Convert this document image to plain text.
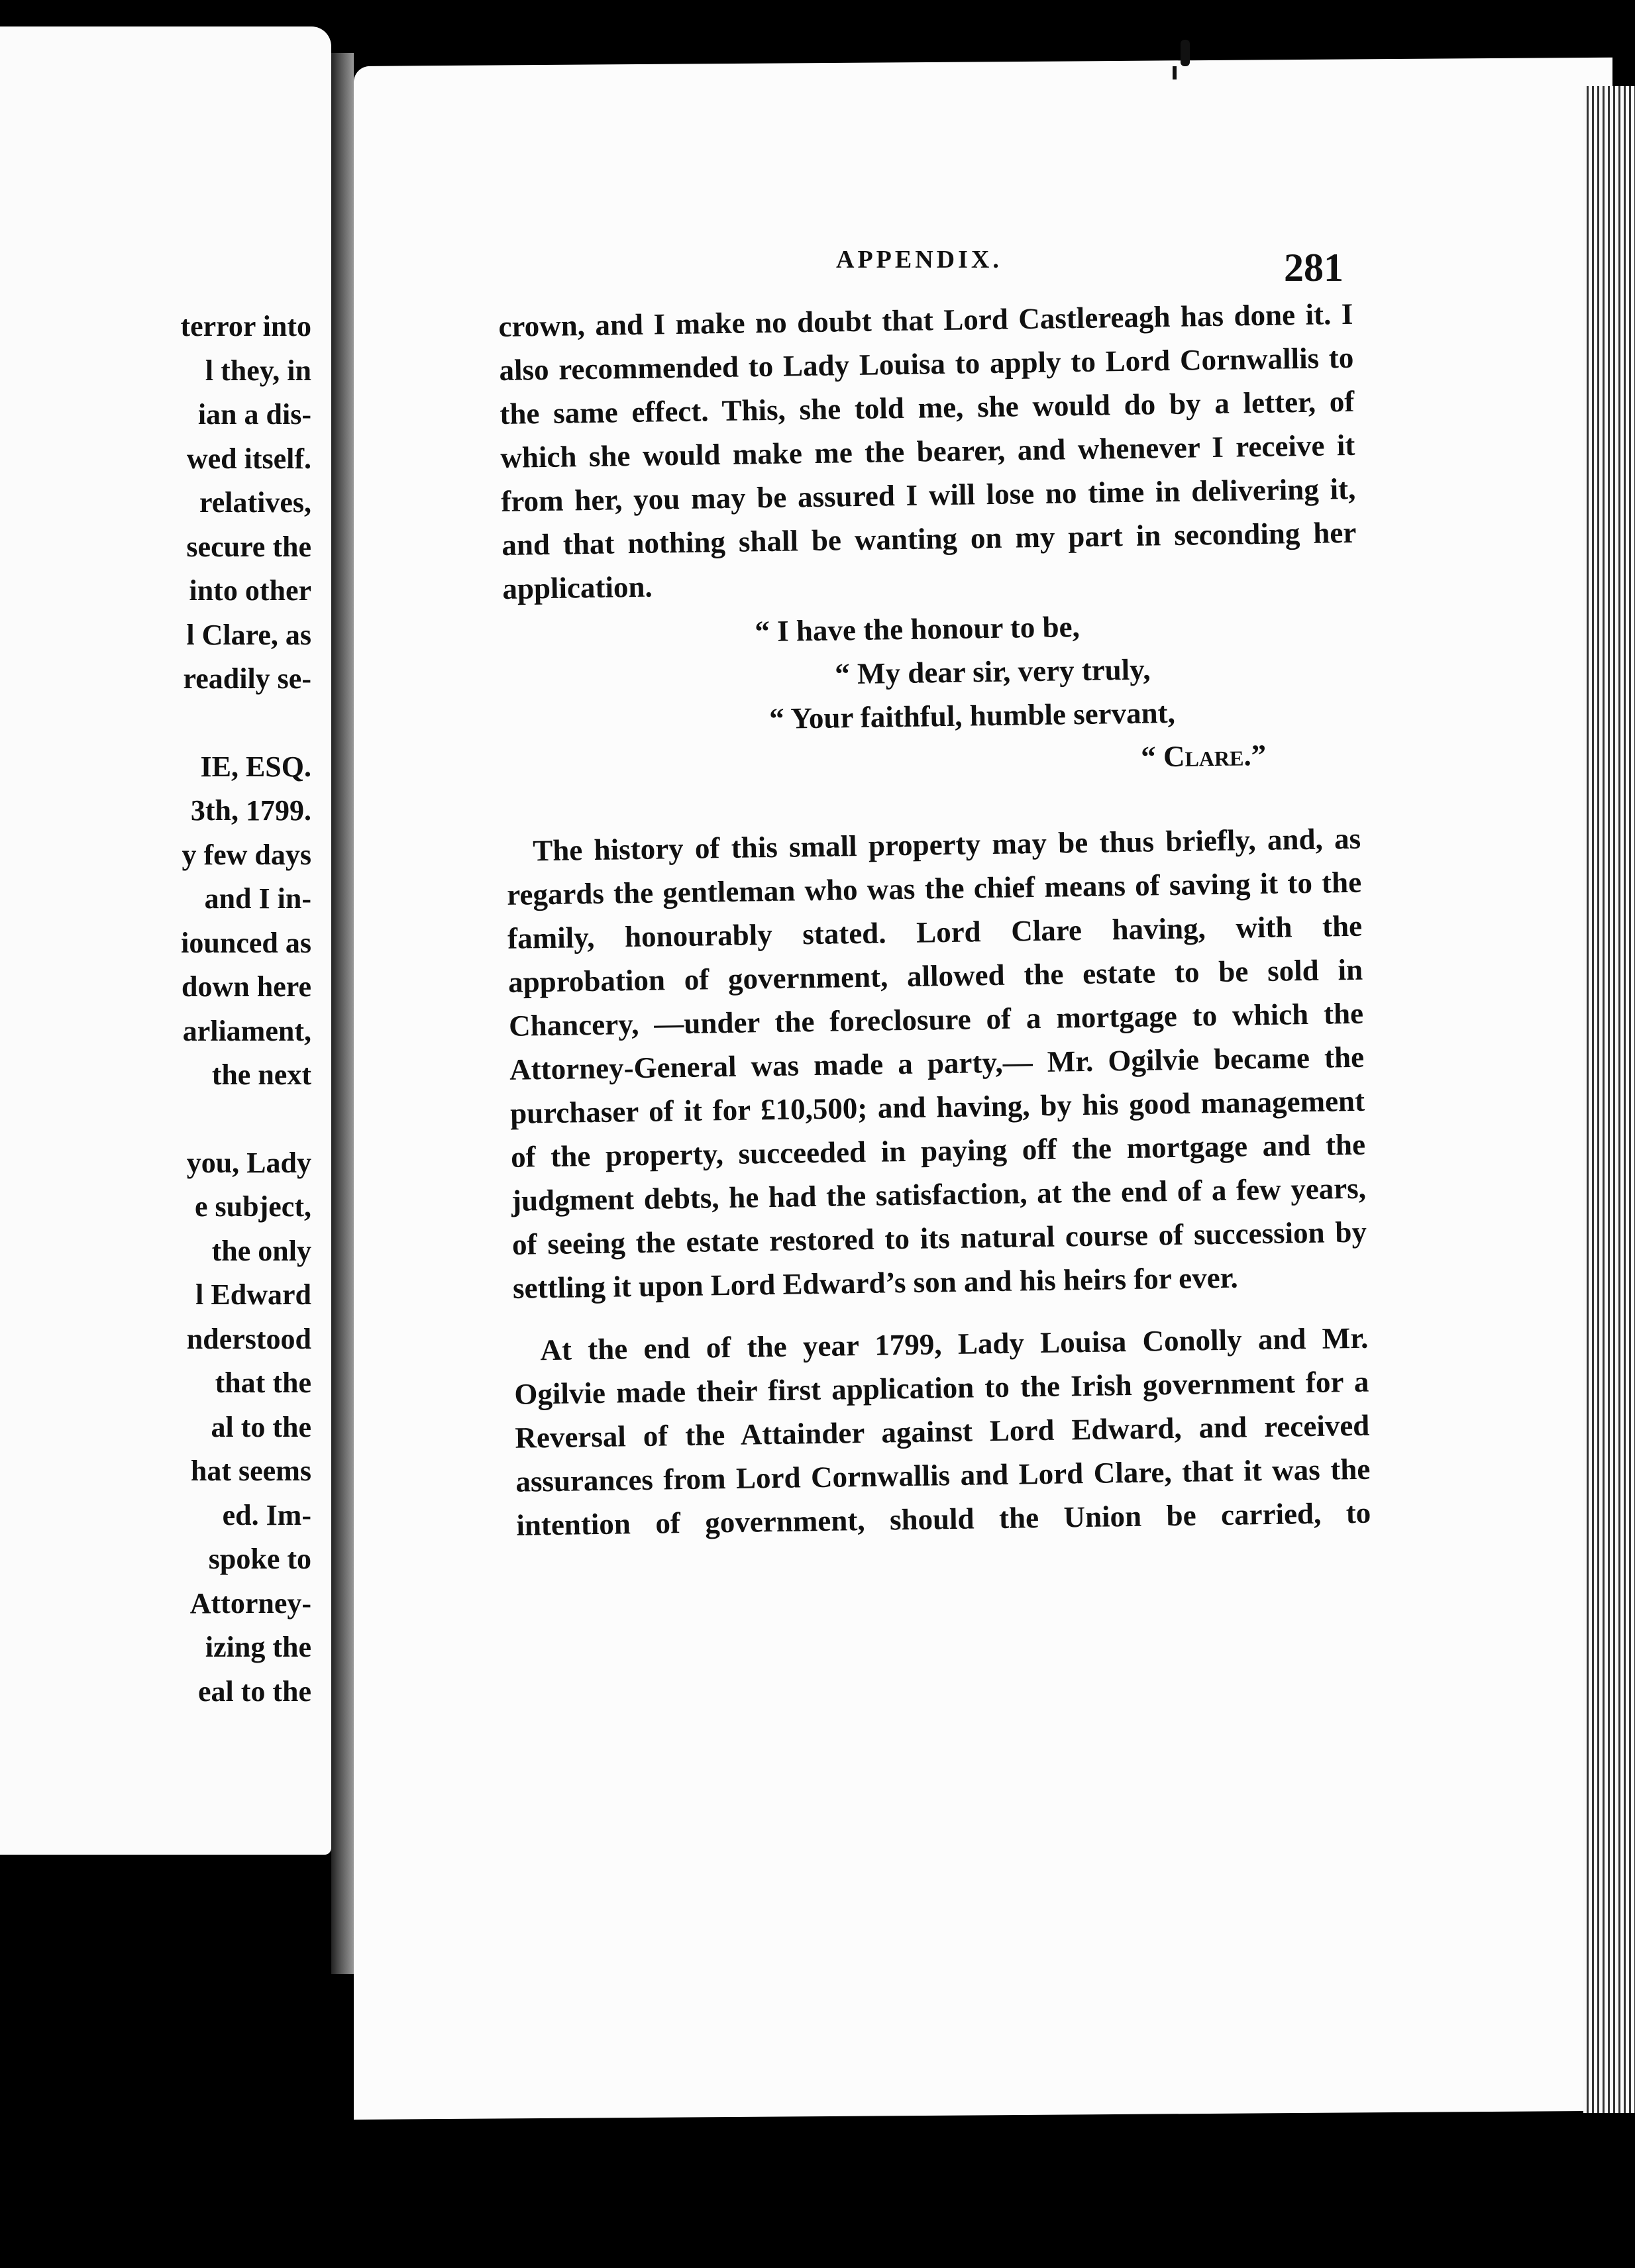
terror into
l they, in
ian a dis-
wed itself.
relatives,
secure the
into other
l Clare, as
readily se-

IE, ESQ.
3th, 1799.
y few days
and I in-
iounced as
down here
arliament,
the next

you, Lady
e subject,
the only
l Edward
nderstood
that the
al to the
hat seems
ed. Im-
spoke to
Attorney-
izing the
eal to the
APPENDIX.	281

crown, and I make no doubt that Lord Castlereagh has done it. I also recommended to Lady Louisa to apply to Lord Cornwallis to the same effect. This, she told me, she would do by a letter, of which she would make me the bearer, and whenever I receive it from her, you may be assured I will lose no time in delivering it, and that nothing shall be wanting on my part in seconding her application.

“ I have the honour to be,
“ My dear sir, very truly,
“ Your faithful, humble servant,
“ Clare.”

The history of this small property may be thus briefly, and, as regards the gentleman who was the chief means of saving it to the family, honourably stated. Lord Clare having, with the approbation of government, allowed the estate to be sold in Chancery, —under the foreclosure of a mortgage to which the Attorney-General was made a party,— Mr. Ogilvie became the purchaser of it for £10,500; and having, by his good management of the property, succeeded in paying off the mortgage and the judgment debts, he had the satisfaction, at the end of a few years, of seeing the estate restored to its natural course of succession by settling it upon Lord Edward’s son and his heirs for ever.

At the end of the year 1799, Lady Louisa Conolly and Mr. Ogilvie made their first application to the Irish government for a Reversal of the Attainder against Lord Edward, and received assurances from Lord Cornwallis and Lord Clare, that it was the intention of government, should the Union be carried, to
